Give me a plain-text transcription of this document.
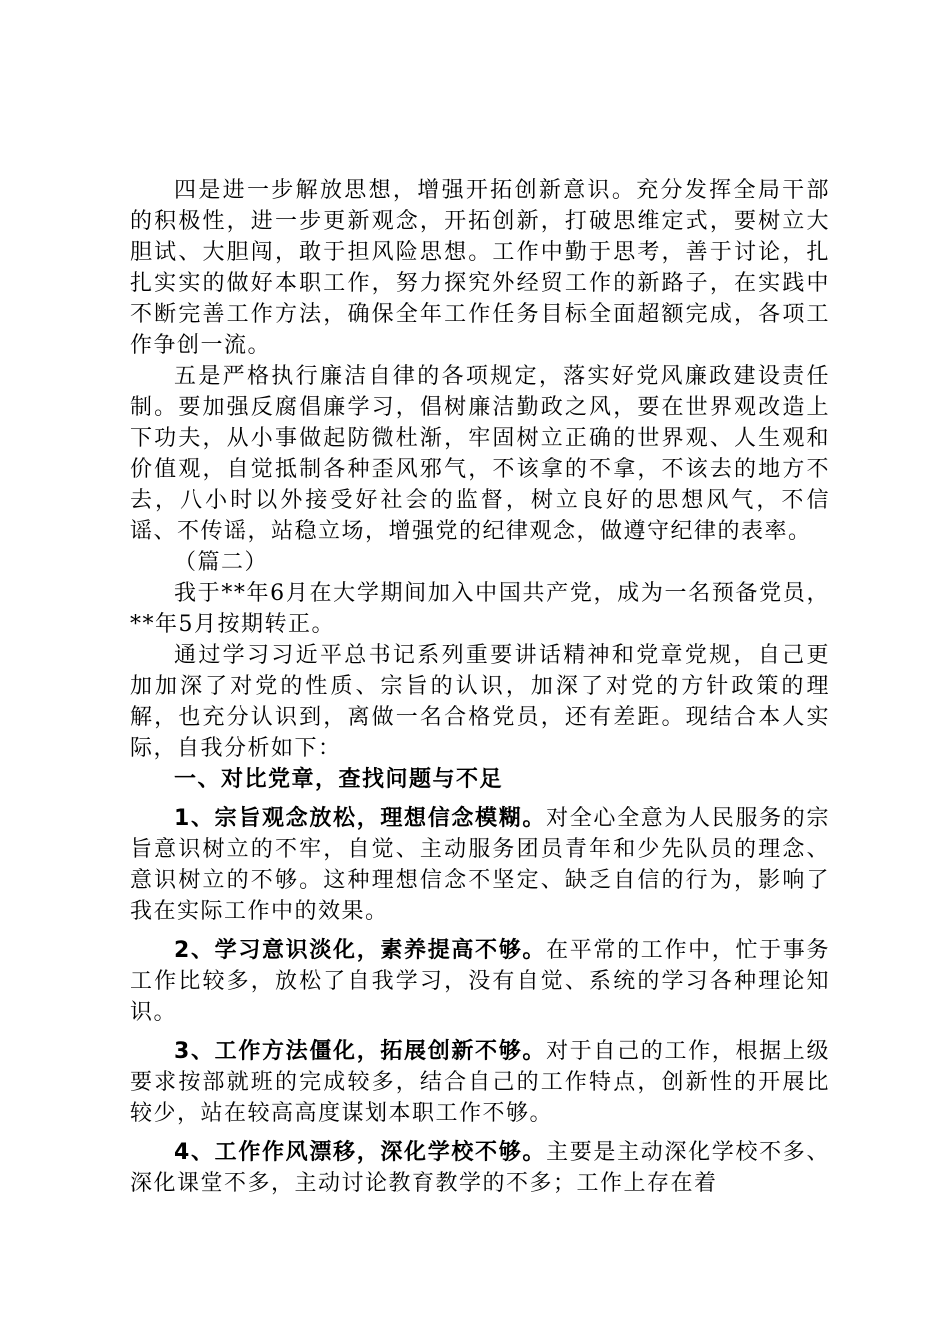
四是进一步解放思想，增强开拓创新意识。充分发挥全局干部的积极性，进一步更新观念，开拓创新，打破思维定式，要树立大胆试、大胆闯，敢于担风险思想。工作中勤于思考，善于讨论，扎扎实实的做好本职工作，努力探究外经贸工作的新路子，在实践中不断完善工作方法，确保全年工作任务目标全面超额完成，各项工作争创一流。

五是严格执行廉洁自律的各项规定，落实好党风廉政建设责任制。要加强反腐倡廉学习，倡树廉洁勤政之风，要在世界观改造上下功夫，从小事做起防微杜渐，牢固树立正确的世界观、人生观和价值观，自觉抵制各种歪风邪气，不该拿的不拿，不该去的地方不去，八小时以外接受好社会的监督，树立良好的思想风气，不信谣、不传谣，站稳立场，增强党的纪律观念，做遵守纪律的表率。

（篇二）

我于**年6月在大学期间加入中国共产党，成为一名预备党员，**年5月按期转正。

通过学习习近平总书记系列重要讲话精神和党章党规，自己更加加深了对党的性质、宗旨的认识，加深了对党的方针政策的理解，也充分认识到，离做一名合格党员，还有差距。现结合本人实际，自我分析如下：

一、对比党章，查找问题与不足

1、宗旨观念放松，理想信念模糊。对全心全意为人民服务的宗旨意识树立的不牢，自觉、主动服务团员青年和少先队员的理念、意识树立的不够。这种理想信念不坚定、缺乏自信的行为，影响了我在实际工作中的效果。

2、学习意识淡化，素养提高不够。在平常的工作中，忙于事务工作比较多，放松了自我学习，没有自觉、系统的学习各种理论知识。

3、工作方法僵化，拓展创新不够。对于自己的工作，根据上级要求按部就班的完成较多，结合自己的工作特点，创新性的开展比较少，站在较高高度谋划本职工作不够。

4、工作作风漂移，深化学校不够。主要是主动深化学校不多、深化课堂不多，主动讨论教育教学的不多；工作上存在着
